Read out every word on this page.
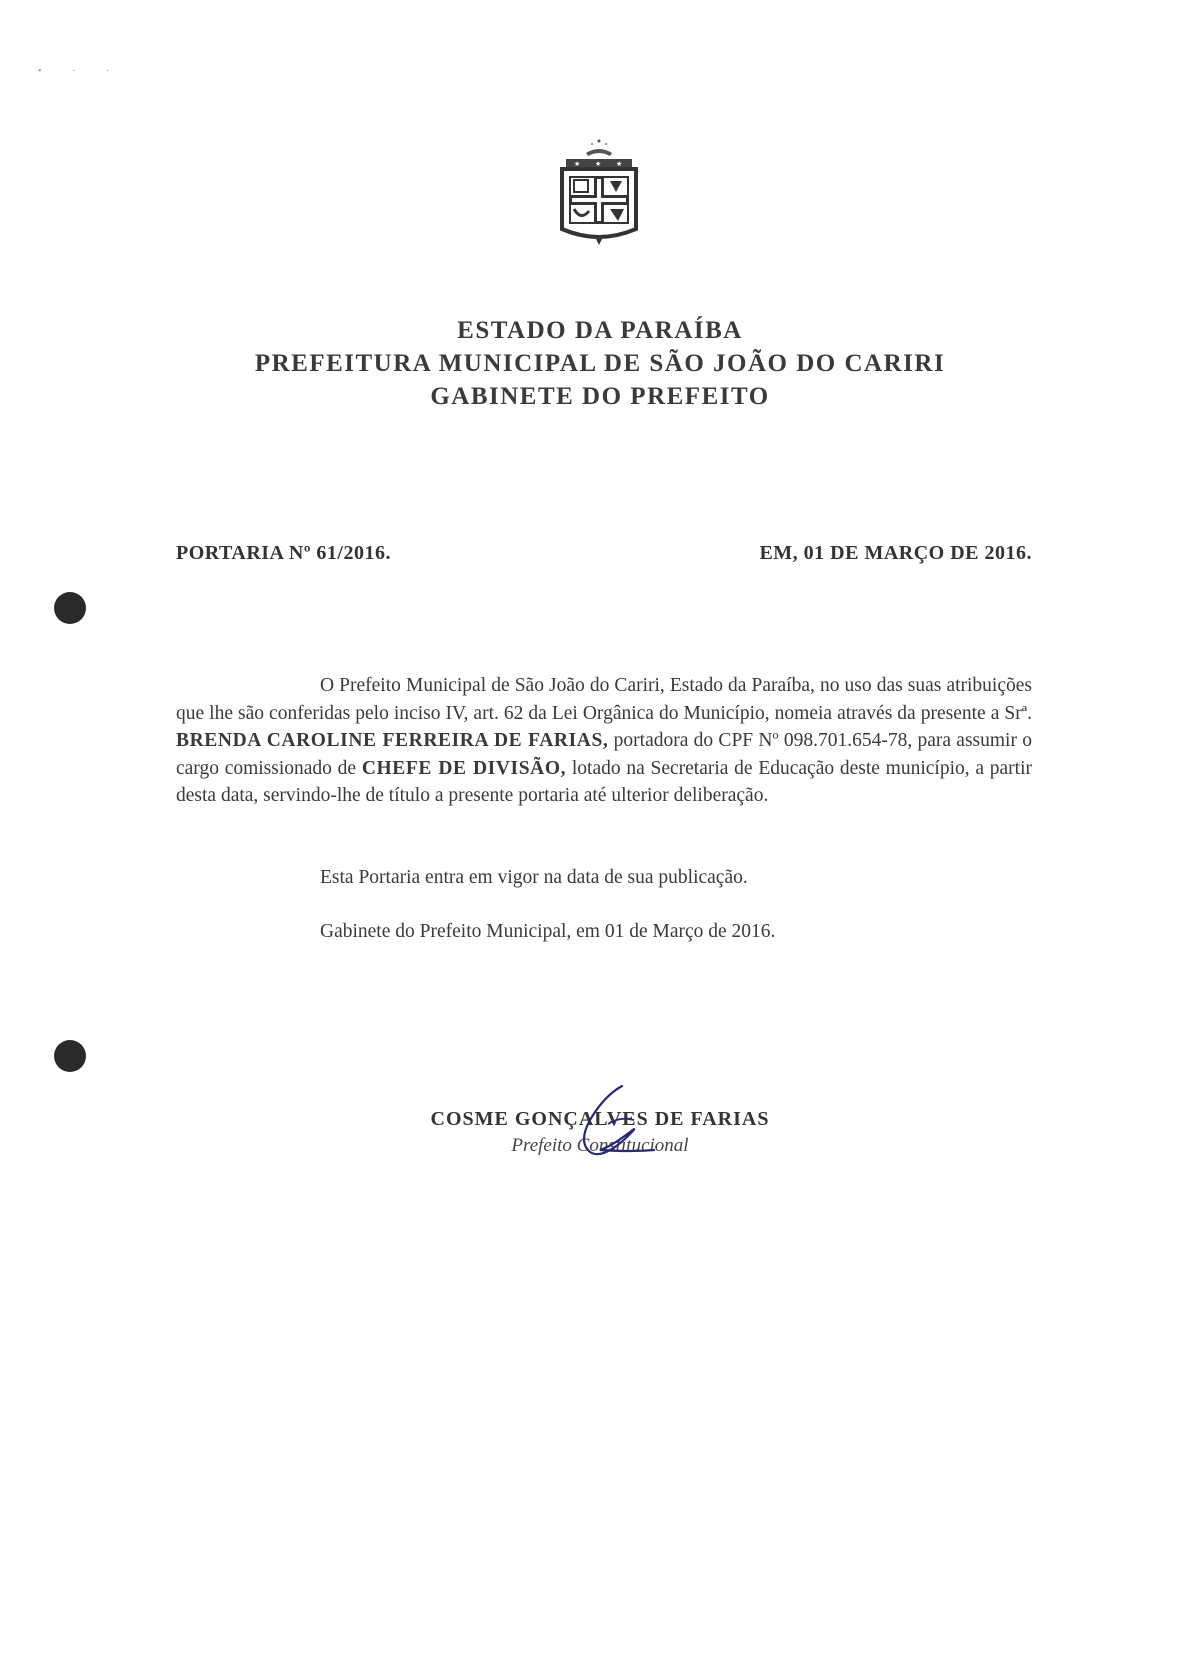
• · ·
★ ★ ★
ESTADO DA PARAÍBA
PREFEITURA MUNICIPAL DE SÃO JOÃO DO CARIRI
GABINETE DO PREFEITO
PORTARIA Nº 61/2016.	EM, 01 DE MARÇO DE 2016.
O Prefeito Municipal de São João do Cariri, Estado da Paraíba, no uso das suas atribuições que lhe são conferidas pelo inciso IV, art. 62 da Lei Orgânica do Município, nomeia através da presente a Srª. BRENDA CAROLINE FERREIRA DE FARIAS, portadora do CPF Nº 098.701.654-78, para assumir o cargo comissionado de CHEFE DE DIVISÃO, lotado na Secretaria de Educação deste município, a partir desta data, servindo-lhe de título a presente portaria até ulterior deliberação.
Esta Portaria entra em vigor na data de sua publicação.
Gabinete do Prefeito Municipal, em 01 de Março de 2016.
COSME GONÇALVES DE FARIAS
Prefeito Constitucional
